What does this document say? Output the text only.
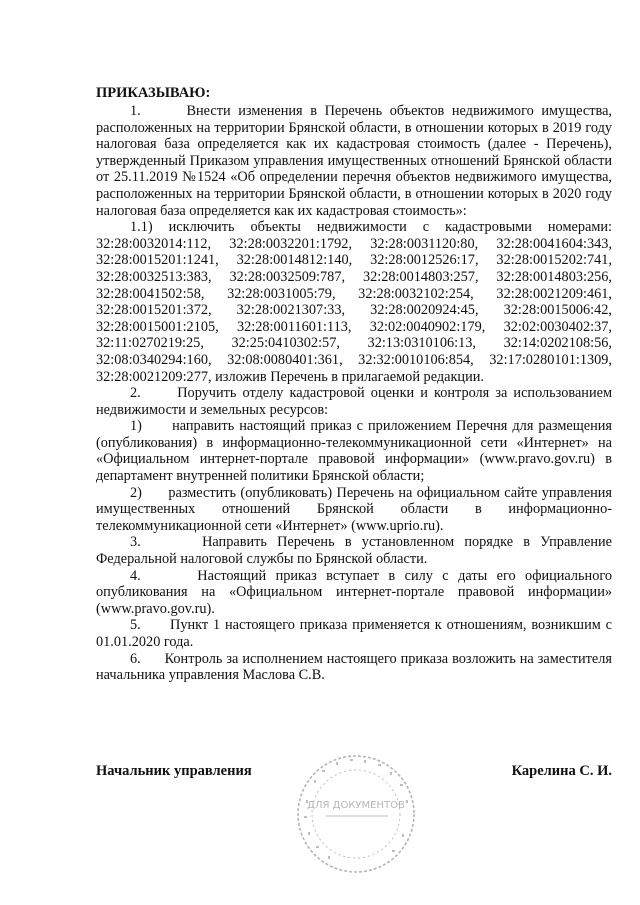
ПРИКАЗЫВАЮ:

1.      Внести изменения в Перечень объектов недвижимого имущества, расположенных на территории Брянской области, в отношении которых в 2019 году налоговая база определяется как их кадастровая стоимость (далее - Перечень), утвержденный Приказом управления имущественных отношений Брянской области от 25.11.2019 №1524 «Об определении перечня объектов недвижимого имущества, расположенных на территории Брянской области, в отношении которых в 2020 году налоговая база определяется как их кадастровая стоимость»:

1.1) исключить объекты недвижимости с кадастровыми номерами: 32:28:0032014:112, 32:28:0032201:1792, 32:28:0031120:80, 32:28:0041604:343, 32:28:0015201:1241, 32:28:0014812:140, 32:28:0012526:17, 32:28:0015202:741, 32:28:0032513:383, 32:28:0032509:787, 32:28:0014803:257, 32:28:0014803:256, 32:28:0041502:58, 32:28:0031005:79, 32:28:0032102:254, 32:28:0021209:461, 32:28:0015201:372, 32:28:0021307:33, 32:28:0020924:45, 32:28:0015006:42, 32:28:0015001:2105, 32:28:0011601:113, 32:02:0040902:179, 32:02:0030402:37, 32:11:0270219:25, 32:25:0410302:57, 32:13:0310106:13, 32:14:0202108:56, 32:08:0340294:160, 32:08:0080401:361, 32:32:0010106:854, 32:17:0280101:1309, 32:28:0021209:277, изложив Перечень в прилагаемой редакции.

2.      Поручить отделу кадастровой оценки и контроля за использованием недвижимости и земельных ресурсов:

1)      направить настоящий приказ с приложением Перечня для размещения (опубликования) в информационно-телекоммуникационной сети «Интернет» на «Официальном интернет-портале правовой информации» (www.pravo.gov.ru) в департамент внутренней политики Брянской области;

2)      разместить (опубликовать) Перечень на официальном сайте управления имущественных отношений Брянской области в информационно-телекоммуникационной сети «Интернет» (www.uprio.ru).

3.      Направить Перечень в установленном порядке в Управление Федеральной налоговой службы по Брянской области.

4.      Настоящий приказ вступает в силу с даты его официального опубликования на «Официальном интернет-портале правовой информации» (www.pravo.gov.ru).

5.      Пункт 1 настоящего приказа применяется к отношениям, возникшим с 01.01.2020 года.

6.      Контроль за исполнением настоящего приказа возложить на заместителя начальника управления Маслова С.В.

Начальник управления	Карелина С. И.
ДЛЯ ДОКУМЕНТОВ
